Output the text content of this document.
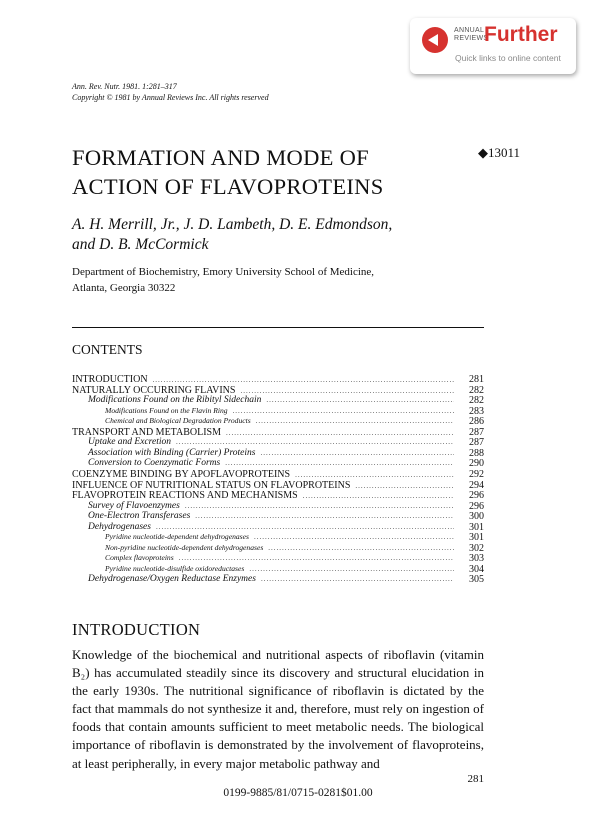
ANNUAL
REVIEWS
Further
Quick links to online content
Ann. Rev. Nutr. 1981. 1:281–317
Copyright © 1981 by Annual Reviews Inc. All rights reserved
FORMATION AND MODE OF
ACTION OF FLAVOPROTEINS
◆13011
A. H. Merrill, Jr., J. D. Lambeth, D. E. Edmondson,
and D. B. McCormick
Department of Biochemistry, Emory University School of Medicine,
Atlanta, Georgia 30322
CONTENTS
INTRODUCTION .....	281
NATURALLY OCCURRING FLAVINS .....	282
Modifications Found on the Ribityl Sidechain .....	282
Modifications Found on the Flavin Ring .....	283
Chemical and Biological Degradation Products .....	286
TRANSPORT AND METABOLISM .....	287
Uptake and Excretion .....	287
Association with Binding (Carrier) Proteins .....	288
Conversion to Coenzymatic Forms .....	290
COENZYME BINDING BY APOFLAVOPROTEINS .....	292
INFLUENCE OF NUTRITIONAL STATUS ON FLAVOPROTEINS .....	294
FLAVOPROTEIN REACTIONS AND MECHANISMS .....	296
Survey of Flavoenzymes .....	296
One-Electron Transferases .....	300
Dehydrogenases .....	301
Pyridine nucleotide-dependent dehydrogenases .....	301
Non-pyridine nucleotide-dependent dehydrogenases .....	302
Complex flavoproteins .....	303
Pyridine nucleotide-disulfide oxidoreductases .....	304
Dehydrogenase/Oxygen Reductase Enzymes .....	305
INTRODUCTION
Knowledge of the biochemical and nutritional aspects of riboflavin (vitamin B₂) has accumulated steadily since its discovery and structural elucidation in the early 1930s. The nutritional significance of riboflavin is dictated by the fact that mammals do not synthesize it and, therefore, must rely on ingestion of foods that contain amounts sufficient to meet metabolic needs. The biological importance of riboflavin is demonstrated by the involvement of flavoproteins, at least peripherally, in every major metabolic pathway and
281
0199-9885/81/0715-0281$01.00
